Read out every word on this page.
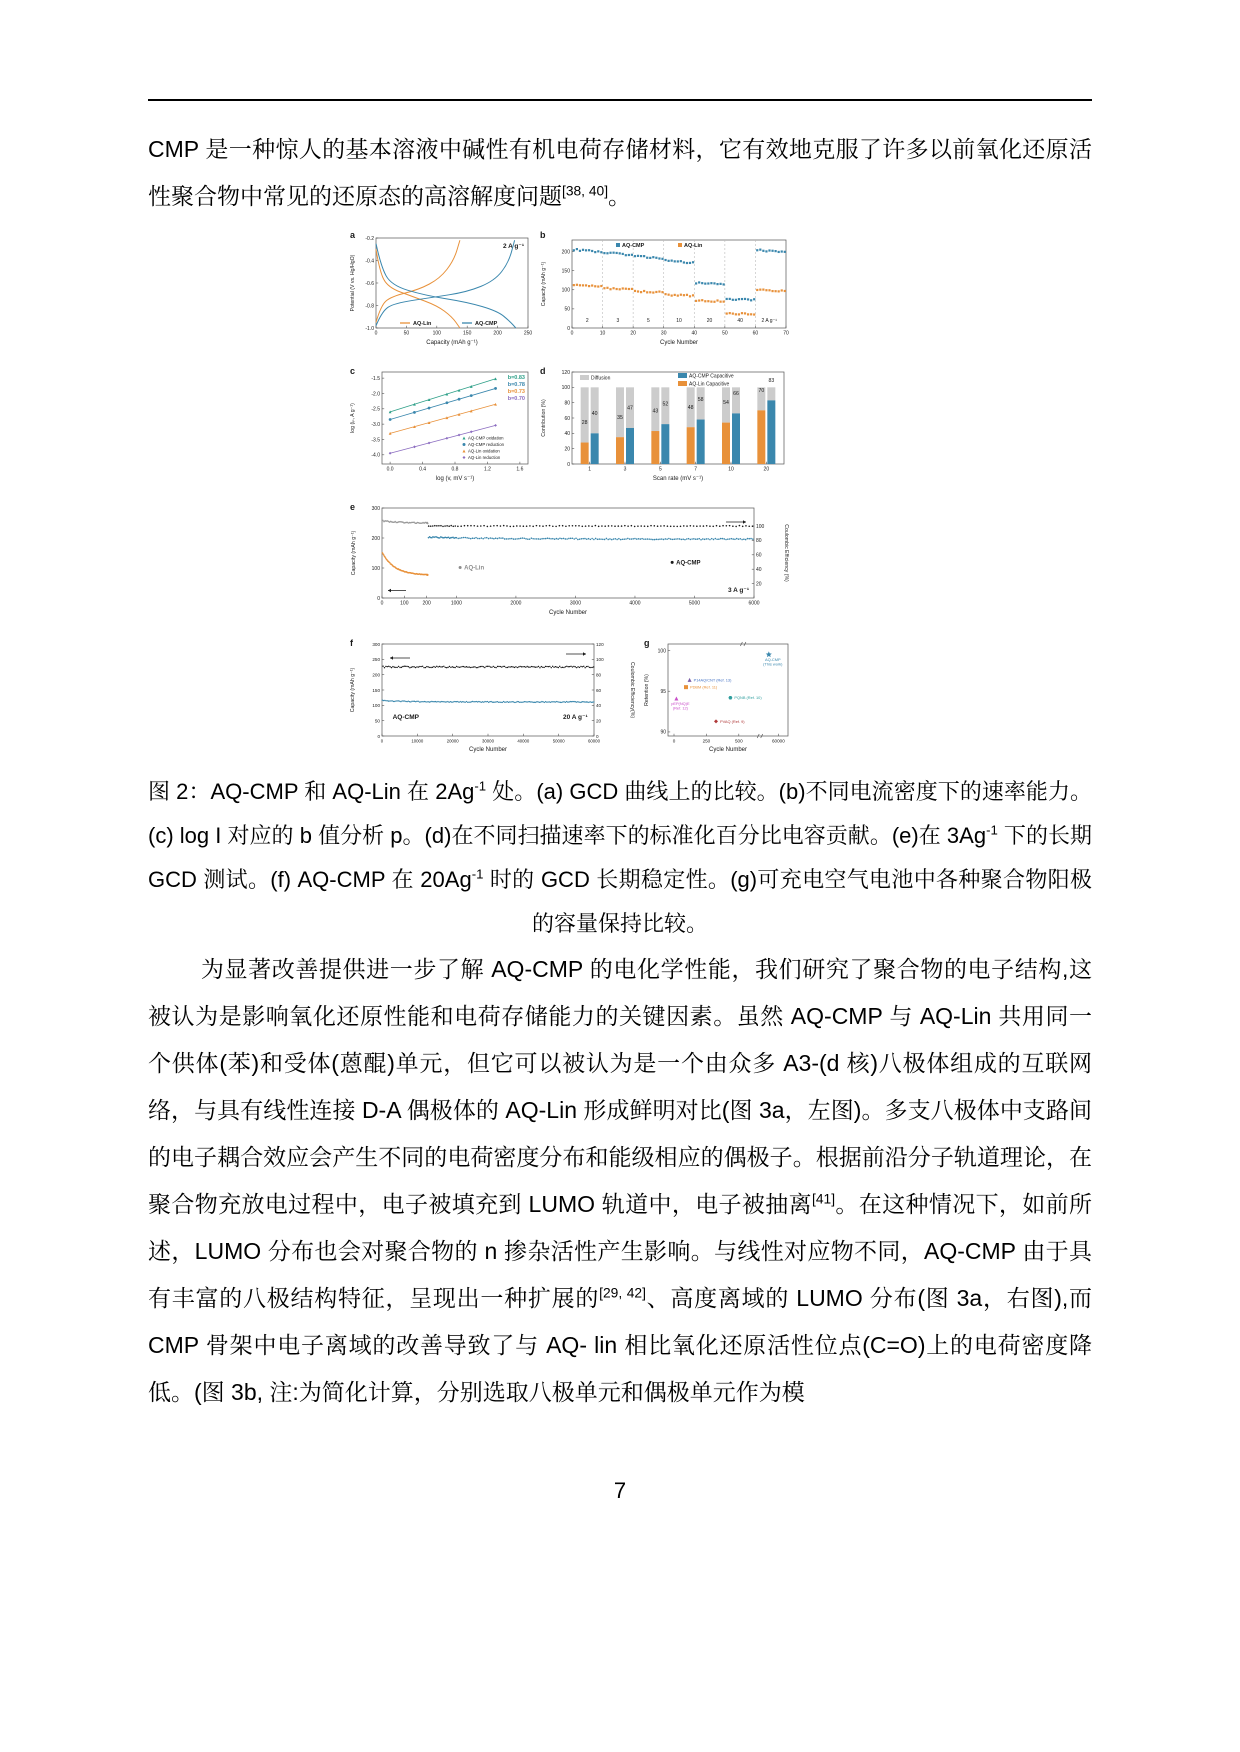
CMP 是一种惊人的基本溶液中碱性有机电荷存储材料，它有效地克服了许多以前氧化还原活性聚合物中常见的还原态的高溶解度问题[38, 40]。

0	50	100	150	200	250
-1.0
-0.8
-0.6
-0.4
-0.2
Capacity (mAh g⁻¹)
Potential (V vs. Hg/HgO)
a
2 A g⁻¹
AQ-Lin	AQ-CMP
0	10	20	30	40	50	60	70
0
50
100
150
200
Cycle Number
Capacity (mAh g⁻¹)
b
2	3	5	10	20	40	2 A g⁻¹
AQ-CMP	AQ-Lin
0.0	0.4	0.8	1.2	1.6
-1.5
-2.0
-2.5
-3.0
-3.5
-4.0
log (v, mV s⁻¹)
log (iₚ, A g⁻¹)
c
b=0.83
b=0.78
b=0.73
b=0.70
AQ-CMP oxidation
AQ-CMP reduction
AQ-Lin oxidation
AQ-Lin reduction
0
20
40
60
80
100
120
Scan rate (mV s⁻¹)
Contribution (%)
d
28
40
1
35
47
3
43
52
5
48
58
7
54
66
10
70
83
20
Diffusion	AQ-CMP Capacitive
AQ-Lin Capacitive
0
100
200
300
20
40
60
80
100
0	100	200	1000	2000	3000	4000	5000	6000
Cycle Number
Capacity (mAh g⁻¹)	Coulombic Efficiency (%)
e
AQ-Lin
AQ-CMP
3 A g⁻¹
0	10000	20000	30000	40000	50000	60000
0
50
100
150
200
250
300
0
20
40
60
80
100
120
Cycle Number
Capacity (mAh g⁻¹)	Coulombic Efficiency(%)
f
AQ-CMP	20 A g⁻¹
90
95
100
0	250	500	60000
Cycle Number
Retention (%)
g
P14AQ/CNT (Ref. 13)
PDBM (Ref. 11)
pEP(NQ)E
(Ref. 12)
PQNB (Ref. 10)
PVAQ (Ref. 9)
AQ-CMP
(This work)

图 2：AQ-CMP 和 AQ-Lin 在 $2Ag^{-1}$ 处。(a) GCD 曲线上的比较。(b)不同电流密度下的速率能力。(c) log I 对应的 b 值分析 p。(d)在不同扫描速率下的标准化百分比电容贡献。(e)在 $3Ag^{-1}$ 下的长期 GCD 测试。(f) AQ-CMP 在 $20Ag^{-1}$ 时的 GCD 长期稳定性。(g)可充电空气电池中各种聚合物阳极的容量保持比较。

为显著改善提供进一步了解 AQ-CMP 的电化学性能，我们研究了聚合物的电子结构,这被认为是影响氧化还原性能和电荷存储能力的关键因素。虽然 AQ-CMP 与 AQ-Lin 共用同一个供体(苯)和受体(蒽醌)单元，但它可以被认为是一个由众多 A3-(d 核)八极体组成的互联网络，与具有线性连接 D-A 偶极体的 AQ-Lin 形成鲜明对比(图 3a，左图)。多支八极体中支路间的电子耦合效应会产生不同的电荷密度分布和能级相应的偶极子。根据前沿分子轨道理论，在聚合物充放电过程中，电子被填充到 LUMO 轨道中，电子被抽离[41]。在这种情况下，如前所述，LUMO 分布也会对聚合物的 n 掺杂活性产生影响。与线性对应物不同，AQ-CMP 由于具有丰富的八极结构特征，呈现出一种扩展的[29, 42]、高度离域的 LUMO 分布(图 3a，右图),而 CMP 骨架中电子离域的改善导致了与 AQ- lin 相比氧化还原活性位点(C=O)上的电荷密度降低。(图 3b, 注:为简化计算，分别选取八极单元和偶极单元作为模

7
